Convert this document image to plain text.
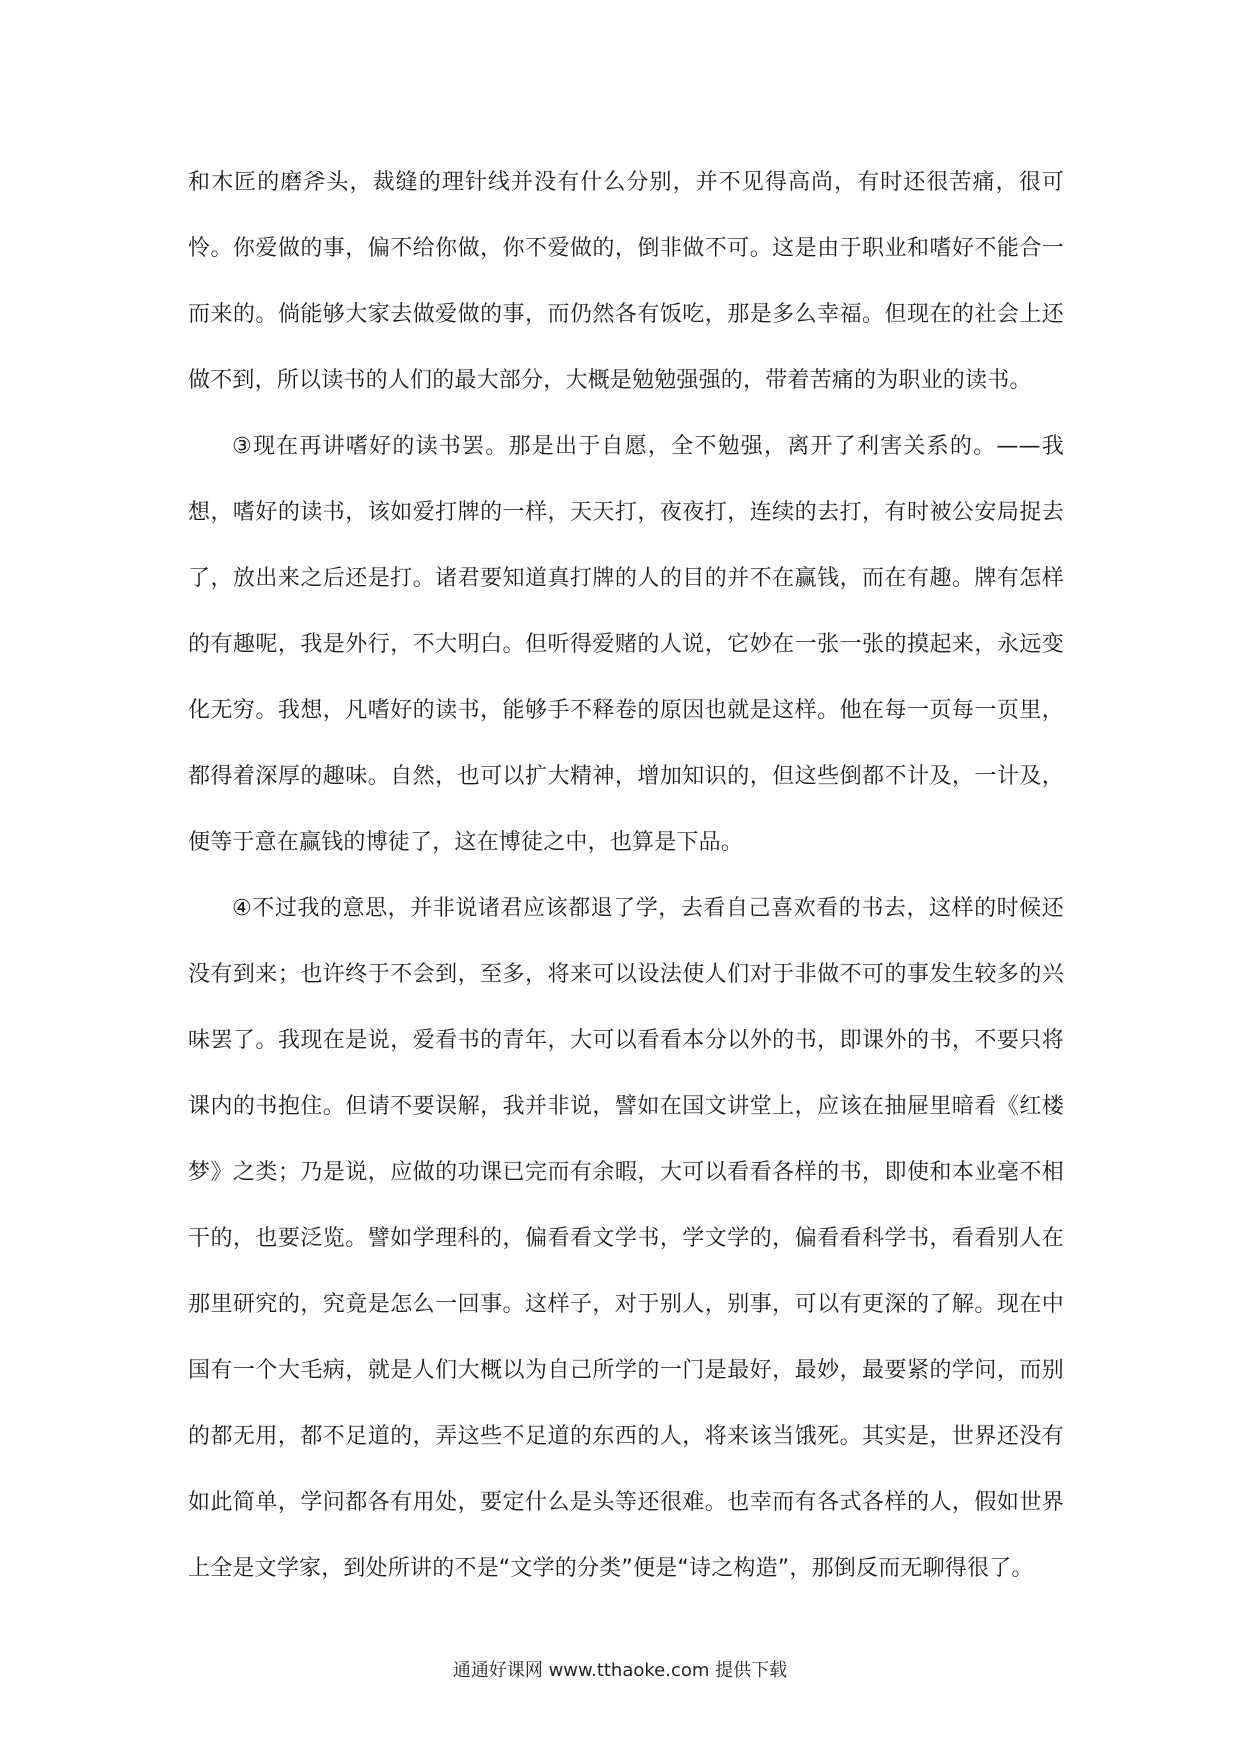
和木匠的磨斧头，裁缝的理针线并没有什么分别，并不见得高尚，有时还很苦痛，很可怜。你爱做的事，偏不给你做，你不爱做的，倒非做不可。这是由于职业和嗜好不能合一而来的。倘能够大家去做爱做的事，而仍然各有饭吃，那是多么幸福。但现在的社会上还做不到，所以读书的人们的最大部分，大概是勉勉强强的，带着苦痛的为职业的读书。

③现在再讲嗜好的读书罢。那是出于自愿，全不勉强，离开了利害关系的。——我想，嗜好的读书，该如爱打牌的一样，天天打，夜夜打，连续的去打，有时被公安局捉去了，放出来之后还是打。诸君要知道真打牌的人的目的并不在赢钱，而在有趣。牌有怎样的有趣呢，我是外行，不大明白。但听得爱赌的人说，它妙在一张一张的摸起来，永远变化无穷。我想，凡嗜好的读书，能够手不释卷的原因也就是这样。他在每一页每一页里，都得着深厚的趣味。自然，也可以扩大精神，增加知识的，但这些倒都不计及，一计及，便等于意在赢钱的博徒了，这在博徒之中，也算是下品。

④不过我的意思，并非说诸君应该都退了学，去看自己喜欢看的书去，这样的时候还没有到来；也许终于不会到，至多，将来可以设法使人们对于非做不可的事发生较多的兴味罢了。我现在是说，爱看书的青年，大可以看看本分以外的书，即课外的书，不要只将课内的书抱住。但请不要误解，我并非说，譬如在国文讲堂上，应该在抽屉里暗看《红楼梦》之类；乃是说，应做的功课已完而有余暇，大可以看看各样的书，即使和本业毫不相干的，也要泛览。譬如学理科的，偏看看文学书，学文学的，偏看看科学书，看看别人在那里研究的，究竟是怎么一回事。这样子，对于别人，别事，可以有更深的了解。现在中国有一个大毛病，就是人们大概以为自己所学的一门是最好，最妙，最要紧的学问，而别的都无用，都不足道的，弄这些不足道的东西的人，将来该当饿死。其实是，世界还没有如此简单，学问都各有用处，要定什么是头等还很难。也幸而有各式各样的人，假如世界上全是文学家，到处所讲的不是“文学的分类”便是“诗之构造”，那倒反而无聊得很了。

通通好课网 www.tthaoke.com 提供下载
